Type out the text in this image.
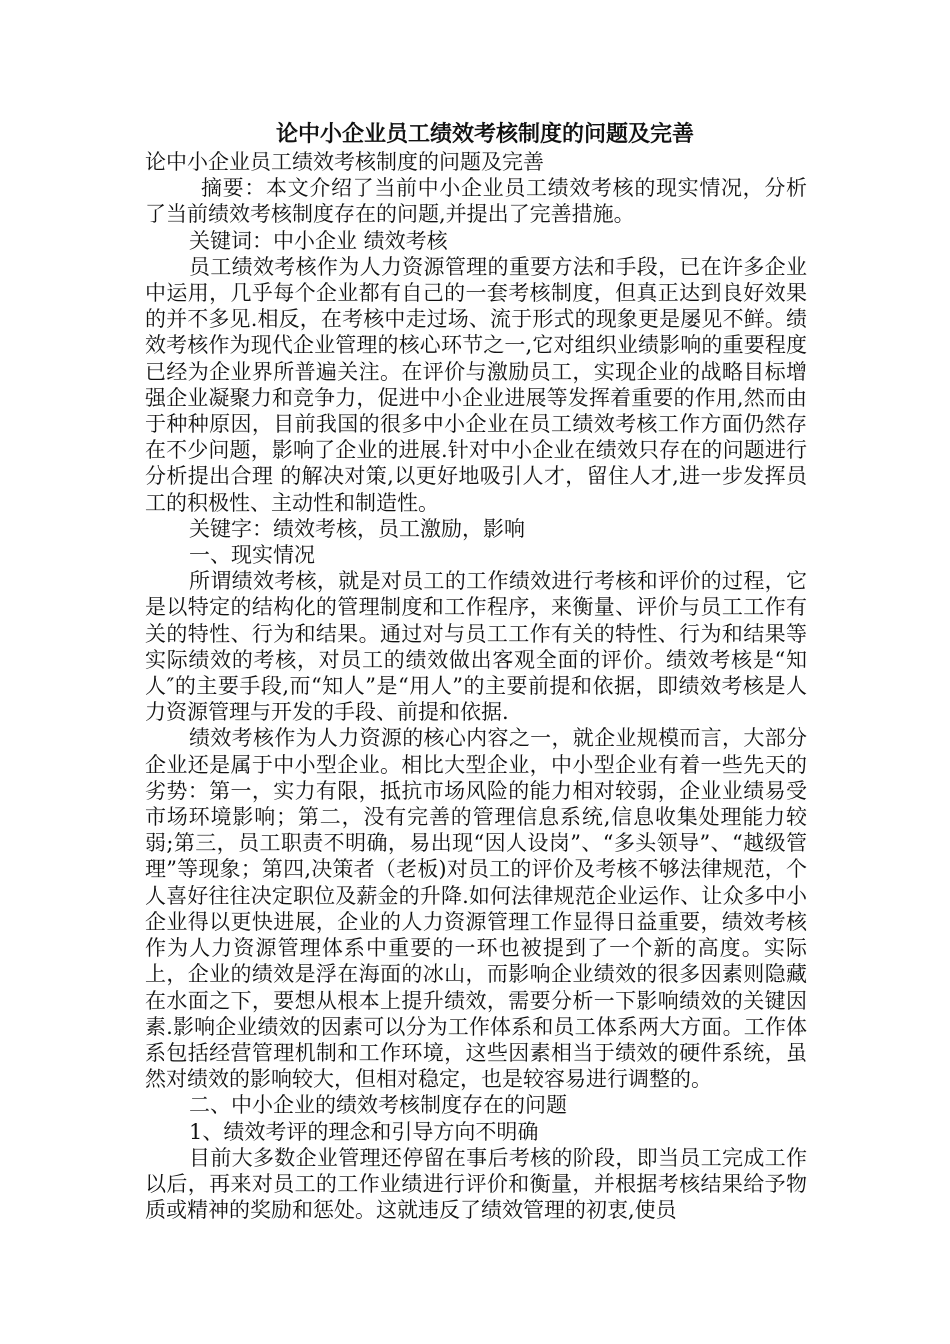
论中小企业员工绩效考核制度的问题及完善

论中小企业员工绩效考核制度的问题及完善

摘要：本文介绍了当前中小企业员工绩效考核的现实情况，分析了当前绩效考核制度存在的问题,并提出了完善措施。

关键词：中小企业 绩效考核

员工绩效考核作为人力资源管理的重要方法和手段，已在许多企业中运用，几乎每个企业都有自己的一套考核制度，但真正达到良好效果的并不多见.相反，在考核中走过场、流于形式的现象更是屡见不鲜。绩效考核作为现代企业管理的核心环节之一,它对组织业绩影响的重要程度已经为企业界所普遍关注。在评价与激励员工，实现企业的战略目标增强企业凝聚力和竞争力，促进中小企业进展等发挥着重要的作用,然而由于种种原因，目前我国的很多中小企业在员工绩效考核工作方面仍然存在不少问题，影响了企业的进展.针对中小企业在绩效只存在的问题进行分析提出合理 的解决对策,以更好地吸引人才，留住人才,进一步发挥员工的积极性、主动性和制造性。

关键字：绩效考核，员工激励，影响

一、现实情况

所谓绩效考核，就是对员工的工作绩效进行考核和评价的过程，它是以特定的结构化的管理制度和工作程序，来衡量、评价与员工工作有关的特性、行为和结果。通过对与员工工作有关的特性、行为和结果等实际绩效的考核，对员工的绩效做出客观全面的评价。绩效考核是“知人″的主要手段,而“知人”是“用人”的主要前提和依据，即绩效考核是人力资源管理与开发的手段、前提和依据.

绩效考核作为人力资源的核心内容之一，就企业规模而言，大部分企业还是属于中小型企业。相比大型企业，中小型企业有着一些先天的劣势：第一，实力有限，抵抗市场风险的能力相对较弱，企业业绩易受市场环境影响；第二，没有完善的管理信息系统,信息收集处理能力较弱;第三，员工职责不明确，易出现“因人设岗”、“多头领导”、“越级管理”等现象；第四,决策者（老板)对员工的评价及考核不够法律规范，个人喜好往往决定职位及薪金的升降.如何法律规范企业运作、让众多中小企业得以更快进展，企业的人力资源管理工作显得日益重要，绩效考核作为人力资源管理体系中重要的一环也被提到了一个新的高度。实际上，企业的绩效是浮在海面的冰山，而影响企业绩效的很多因素则隐藏在水面之下，要想从根本上提升绩效，需要分析一下影响绩效的关键因素.影响企业绩效的因素可以分为工作体系和员工体系两大方面。工作体系包括经营管理机制和工作环境，这些因素相当于绩效的硬件系统，虽然对绩效的影响较大，但相对稳定，也是较容易进行调整的。

二、中小企业的绩效考核制度存在的问题

1、绩效考评的理念和引导方向不明确

目前大多数企业管理还停留在事后考核的阶段，即当员工完成工作以后，再来对员工的工作业绩进行评价和衡量，并根据考核结果给予物质或精神的奖励和惩处。这就违反了绩效管理的初衷,使员
